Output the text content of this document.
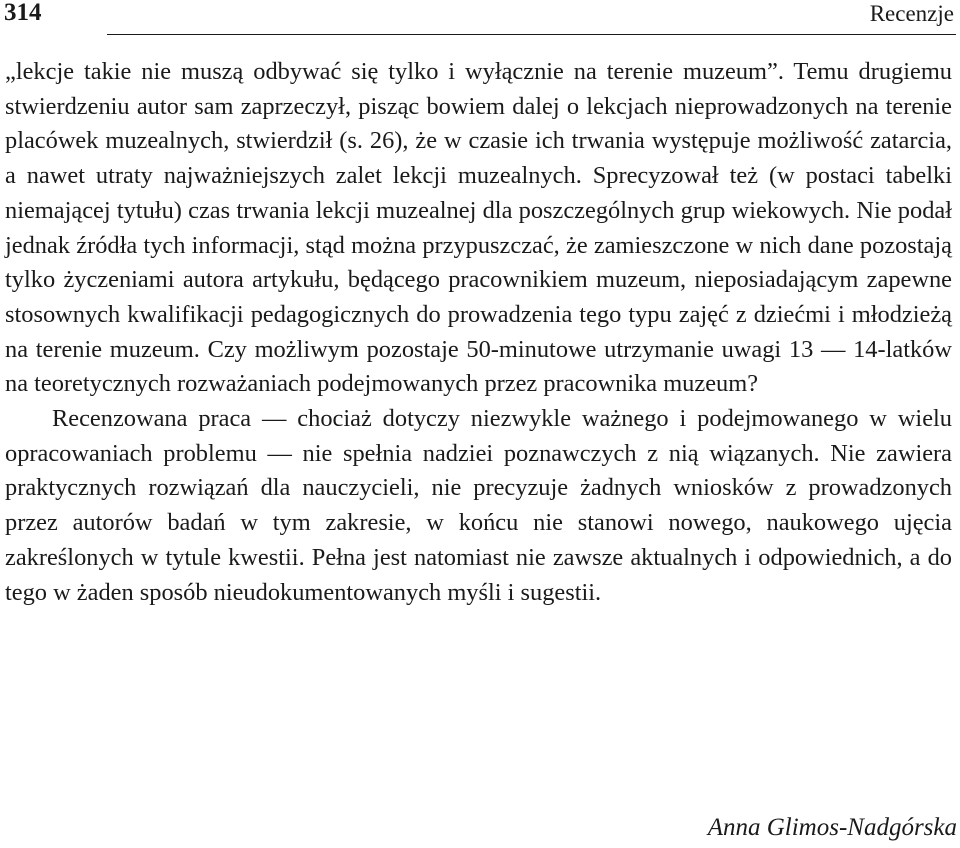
314	Recenzje

„lekcje takie nie muszą odbywać się tylko i wyłącznie na terenie muzeum”. Temu drugiemu stwierdzeniu autor sam zaprzeczył, pisząc bowiem dalej o lekcjach nieprowadzonych na terenie placówek muzealnych, stwierdził (s. 26), że w czasie ich trwania występuje możliwość zatarcia, a nawet utraty najważniejszych zalet lekcji muzealnych. Sprecyzował też (w postaci tabelki niemającej tytułu) czas trwania lekcji muzealnej dla poszczególnych grup wiekowych. Nie podał jednak źródła tych informacji, stąd można przypuszczać, że zamieszczone w nich dane pozostają tylko życzeniami autora artykułu, będącego pracownikiem muzeum, nieposiadającym zapewne stosownych kwalifikacji pedagogicznych do prowadzenia tego typu zajęć z dziećmi i młodzieżą na terenie muzeum. Czy możliwym pozostaje 50-minutowe utrzymanie uwagi 13 — 14-latków na teoretycznych rozważaniach podejmowanych przez pracownika muzeum?

Recenzowana praca — chociaż dotyczy niezwykle ważnego i podejmowanego w wielu opracowaniach problemu — nie spełnia nadziei poznawczych z nią wiązanych. Nie zawiera praktycznych rozwiązań dla nauczycieli, nie precyzuje żadnych wniosków z prowadzonych przez autorów badań w tym zakresie, w końcu nie stanowi nowego, naukowego ujęcia zakreślonych w tytule kwestii. Pełna jest natomiast nie zawsze aktualnych i odpowiednich, a do tego w żaden sposób nieudokumentowanych myśli i sugestii.

Anna Glimos-Nadgórska
